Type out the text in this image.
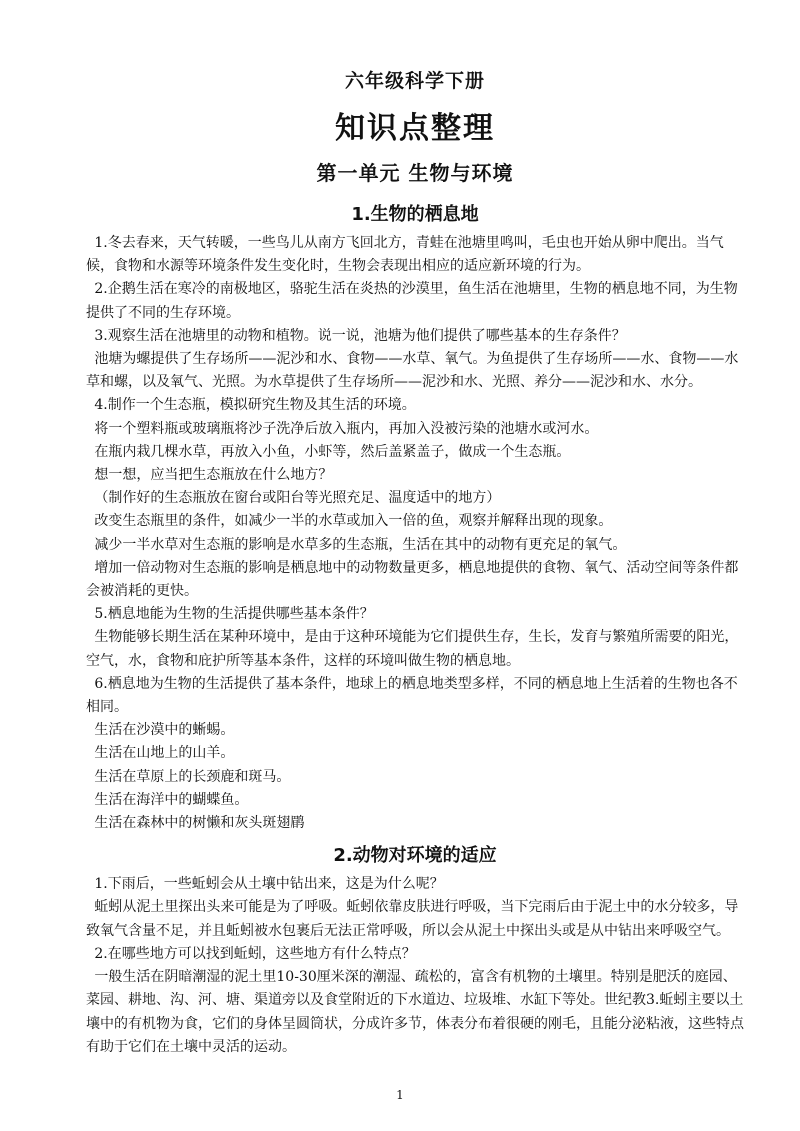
六年级科学下册
知识点整理
第一单元 生物与环境
1.生物的栖息地

1.冬去春来，天气转暖，一些鸟儿从南方飞回北方，青蛙在池塘里鸣叫，毛虫也开始从卵中爬出。当气候，食物和水源等环境条件发生变化时，生物会表现出相应的适应新环境的行为。

2.企鹅生活在寒冷的南极地区，骆驼生活在炎热的沙漠里，鱼生活在池塘里，生物的栖息地不同，为生物提供了不同的生存环境。

3.观察生活在池塘里的动物和植物。说一说，池塘为他们提供了哪些基本的生存条件？

池塘为螺提供了生存场所——泥沙和水、食物——水草、氧气。为鱼提供了生存场所——水、食物——水草和螺，以及氧气、光照。为水草提供了生存场所——泥沙和水、光照、养分——泥沙和水、水分。

4.制作一个生态瓶，模拟研究生物及其生活的环境。

将一个塑料瓶或玻璃瓶将沙子洗净后放入瓶内，再加入没被污染的池塘水或河水。

在瓶内栽几棵水草，再放入小鱼，小虾等，然后盖紧盖子，做成一个生态瓶。

想一想，应当把生态瓶放在什么地方？

（制作好的生态瓶放在窗台或阳台等光照充足、温度适中的地方）

改变生态瓶里的条件，如减少一半的水草或加入一倍的鱼，观察并解释出现的现象。

减少一半水草对生态瓶的影响是水草多的生态瓶，生活在其中的动物有更充足的氧气。

增加一倍动物对生态瓶的影响是栖息地中的动物数量更多，栖息地提供的食物、氧气、活动空间等条件都会被消耗的更快。

5.栖息地能为生物的生活提供哪些基本条件？

生物能够长期生活在某种环境中，是由于这种环境能为它们提供生存，生长，发育与繁殖所需要的阳光，空气，水，食物和庇护所等基本条件，这样的环境叫做生物的栖息地。

6.栖息地为生物的生活提供了基本条件，地球上的栖息地类型多样，不同的栖息地上生活着的生物也各不相同。

生活在沙漠中的蜥蜴。

生活在山地上的山羊。

生活在草原上的长颈鹿和斑马。

生活在海洋中的蝴蝶鱼。

生活在森林中的树懒和灰头斑翅鹛

2.动物对环境的适应

1.下雨后，一些蚯蚓会从土壤中钻出来，这是为什么呢？

蚯蚓从泥土里探出头来可能是为了呼吸。蚯蚓依靠皮肤进行呼吸，当下完雨后由于泥土中的水分较多，导致氧气含量不足，并且蚯蚓被水包裹后无法正常呼吸，所以会从泥土中探出头或是从中钻出来呼吸空气。

2.在哪些地方可以找到蚯蚓，这些地方有什么特点？

一般生活在阴暗潮湿的泥土里10-30厘米深的潮湿、疏松的，富含有机物的土壤里。特别是肥沃的庭园、菜园、耕地、沟、河、塘、渠道旁以及食堂附近的下水道边、垃圾堆、水缸下等处。世纪教3.蚯蚓主要以土壤中的有机物为食，它们的身体呈圆筒状，分成许多节，体表分布着很硬的刚毛，且能分泌粘液，这些特点有助于它们在土壤中灵活的运动。

1
